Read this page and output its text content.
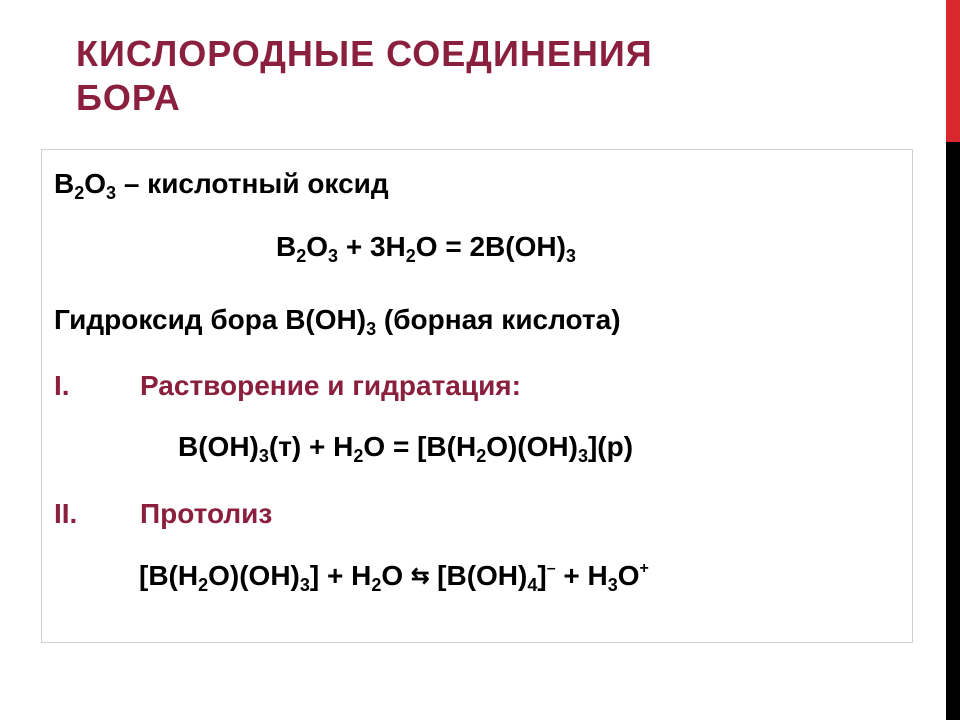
КИСЛОРОДНЫЕ СОЕДИНЕНИЯ
БОРА
$B_2O_3$ – кислотный оксид
$B_2O_3 + 3H_2O = 2B(OH)_3$
Гидроксид бора $B(OH)_3$ (борная кислота)
I.	Растворение и гидратация:
$B(OH)_3(т) + H_2O = [B(H_2O)(OH)_3](р)$
II.	Протолиз
$[B(H_2O)(OH)_3] + H_2O$ ⇆ $[B(OH)_4]^- + H_3O^+$
